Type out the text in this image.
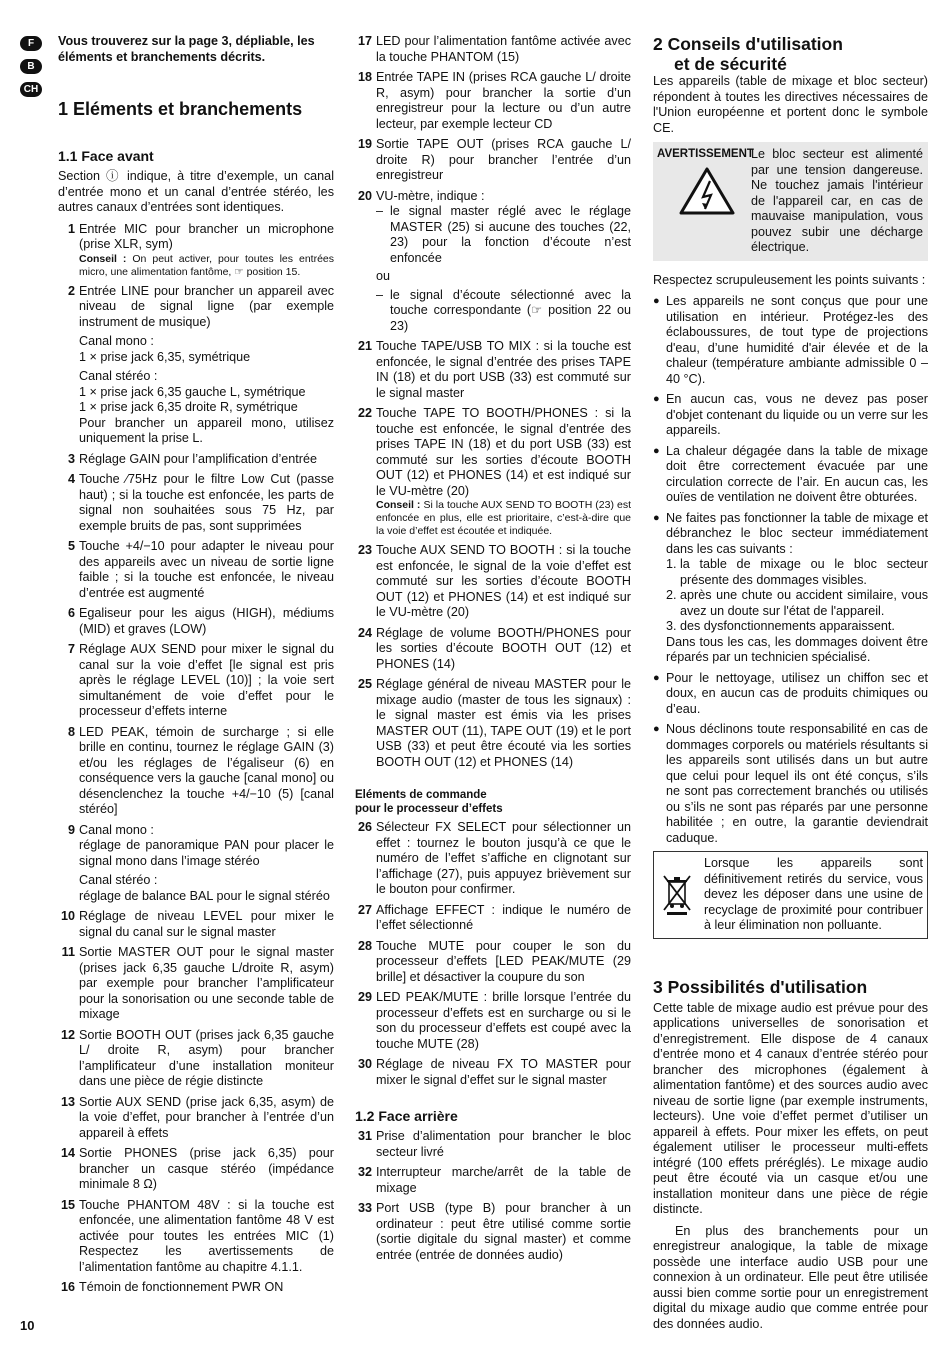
F
B
CH

Vous trouverez sur la page 3, dépliable, les éléments et branchements décrits.

1 Eléments et branchements
1.1 Face avant

Section ⓘ indique, à titre d’exemple, un canal d’entrée mono et un canal d’entrée stéréo, les autres canaux d’entrées sont identiques.

1 Entrée MIC pour brancher un microphone (prise XLR, sym)
Conseil : On peut activer, pour toutes les entrées micro, une alimentation fantôme, ☞ position 15.
2 Entrée LINE pour brancher un appareil avec niveau de signal ligne (par exemple instrument de musique)
Canal mono :
1 × prise jack 6,35, symétrique
Canal stéréo :
1 × prise jack 6,35 gauche L, symétrique
1 × prise jack 6,35 droite R, symétrique
Pour brancher un appareil mono, utilisez uniquement la prise L.
3 Réglage GAIN pour l’amplification d’entrée
4 Touche ⁄75Hz pour le filtre Low Cut (passe haut) ; si la touche est enfoncée, les parts de signal non souhaitées sous 75 Hz, par exemple bruits de pas, sont supprimées
5 Touche +4/−10 pour adapter le niveau pour des appareils avec un niveau de sortie ligne faible ; si la touche est enfoncée, le niveau d’entrée est augmenté
6 Egaliseur pour les aigus (HIGH), médiums (MID) et graves (LOW)
7 Réglage AUX SEND pour mixer le signal du canal sur la voie d’effet [le signal est pris après le réglage LEVEL (10)] ; la voie sert simultanément de voie d’effet pour le processeur d’effets interne
8 LED PEAK, témoin de surcharge ; si elle brille en continu, tournez le réglage GAIN (3) et/ou les réglages de l’égaliseur (6) en conséquence vers la gauche [canal mono] ou désenclenchez la touche +4/−10 (5) [canal stéréo]
9 Canal mono :
réglage de panoramique PAN pour placer le signal mono dans l’image stéréo
Canal stéréo :
réglage de balance BAL pour le signal stéréo
10 Réglage de niveau LEVEL pour mixer le signal du canal sur le signal master
11 Sortie MASTER OUT pour le signal master (prises jack 6,35 gauche L/droite R, asym) par exemple pour brancher l’amplificateur pour la sonorisation ou une seconde table de mixage
12 Sortie BOOTH OUT (prises jack 6,35 gauche L/ droite R, asym) pour brancher l’amplificateur d’une installation moniteur dans une pièce de régie distincte
13 Sortie AUX SEND (prise jack 6,35, asym) de la voie d’effet, pour brancher à l’entrée d’un appareil à effets
14 Sortie PHONES (prise jack 6,35) pour brancher un casque stéréo (impédance minimale 8 Ω)
15 Touche PHANTOM 48V : si la touche est enfoncée, une alimentation fantôme 48 V est activée pour toutes les entrées MIC (1) Respectez les avertissements de l’alimentation fantôme au chapitre 4.1.1.
16 Témoin de fonctionnement PWR ON
17 LED pour l’alimentation fantôme activée avec la touche PHANTOM (15)
18 Entrée TAPE IN (prises RCA gauche L/ droite R, asym) pour brancher la sortie d’un enregistreur pour la lecture ou d’un autre lecteur, par exemple lecteur CD
19 Sortie TAPE OUT (prises RCA gauche L/ droite R) pour brancher l’entrée d’un enregistreur
20 VU-mètre, indique :
– le signal master réglé avec le réglage MASTER (25) si aucune des touches (22, 23) pour la fonction d’écoute n’est enfoncée
ou
– le signal d’écoute sélectionné avec la touche correspondante (☞ position 22 ou 23)
21 Touche TAPE/USB TO MIX : si la touche est enfoncée, le signal d’entrée des prises TAPE IN (18) et du port USB (33) est commuté sur le signal master
22 Touche TAPE TO BOOTH/PHONES : si la touche est enfoncée, le signal d’entrée des prises TAPE IN (18) et du port USB (33) est commuté sur les sorties d’écoute BOOTH OUT (12) et PHONES (14) et est indiqué sur le VU-mètre (20)
Conseil : Si la touche AUX SEND TO BOOTH (23) est enfoncée en plus, elle est prioritaire, c’est-à-dire que la voie d’effet est écoutée et indiquée.
23 Touche AUX SEND TO BOOTH : si la touche est enfoncée, le signal de la voie d’effet est commuté sur les sorties d’écoute BOOTH OUT (12) et PHONES (14) et est indiqué sur le VU-mètre (20)
24 Réglage de volume BOOTH/PHONES pour les sorties d’écoute BOOTH OUT (12) et PHONES (14)
25 Réglage général de niveau MASTER pour le mixage audio (master de tous les signaux) : le signal master est émis via les prises MASTER OUT (11), TAPE OUT (19) et le port USB (33) et peut être écouté via les sorties BOOTH OUT (12) et PHONES (14)
Eléments de commande
pour le processeur d’effets
26 Sélecteur FX SELECT pour sélectionner un effet : tournez le bouton jusqu’à ce que le numéro de l’effet s’affiche en clignotant sur l’affichage (27), puis appuyez brièvement sur le bouton pour confirmer.
27 Affichage EFFECT : indique le numéro de l’effet sélectionné
28 Touche MUTE pour couper le son du processeur d’effets [LED PEAK/MUTE (29 brille] et désactiver la coupure du son
29 LED PEAK/MUTE : brille lorsque l’entrée du processeur d’effets est en surcharge ou si le son du processeur d’effets est coupé avec la touche MUTE (28)
30 Réglage de niveau FX TO MASTER pour mixer le signal d’effet sur le signal master
1.2 Face arrière
31 Prise d’alimentation pour brancher le bloc secteur livré
32 Interrupteur marche/arrêt de la table de mixage
33 Port USB (type B) pour brancher à un ordinateur : peut être utilisé comme sortie (sortie digitale du signal master) et comme entrée (entrée de données audio)
2 Conseils d'utilisation
et de sécurité

Les appareils (table de mixage et bloc secteur) répondent à toutes les directives nécessaires de l'Union européenne et portent donc le symbole CE.

AVERTISSEMENT
Le bloc secteur est alimenté par une tension dangereuse. Ne touchez jamais l'intérieur de l'appareil car, en cas de mauvaise manipulation, vous pouvez subir une décharge électrique.

Respectez scrupuleusement les points suivants :

● Les appareils ne sont conçus que pour une utilisation en intérieur. Protégez-les des éclaboussures, de tout type de projections d'eau, d’une humidité d'air élevée et de la chaleur (température ambiante admissible 0 – 40 °C).
● En aucun cas, vous ne devez pas poser d'objet contenant du liquide ou un verre sur les appareils.
● La chaleur dégagée dans la table de mixage doit être correctement évacuée par une circulation correcte de l’air. En aucun cas, les ouïes de ventilation ne doivent être obturées.
● Ne faites pas fonctionner la table de mixage et débranchez le bloc secteur immédiatement dans les cas suivants :
1. la table de mixage ou le bloc secteur présente des dommages visibles.
2. après une chute ou accident similaire, vous avez un doute sur l'état de l'appareil.
3. des dysfonctionnements apparaissent.
Dans tous les cas, les dommages doivent être réparés par un technicien spécialisé.
● Pour le nettoyage, utilisez un chiffon sec et doux, en aucun cas de produits chimiques ou d’eau.
● Nous déclinons toute responsabilité en cas de dommages corporels ou matériels résultants si les appareils sont utilisés dans un but autre que celui pour lequel ils ont été conçus, s’ils ne sont pas correctement branchés ou utilisés ou s’ils ne sont pas réparés par une personne habilitée ; en outre, la garantie deviendrait caduque.
Lorsque les appareils sont définitivement retirés du service, vous devez les déposer dans une usine de recyclage de proximité pour contribuer à leur élimination non polluante.
3 Possibilités d'utilisation

Cette table de mixage audio est prévue pour des applications universelles de sonorisation et d’enregistrement. Elle dispose de 4 canaux d’entrée mono et 4 canaux d’entrée stéréo pour brancher des microphones (également à alimentation fantôme) et des sources audio avec niveau de sortie ligne (par exemple instruments, lecteurs). Une voie d’effet permet d’utiliser un appareil à effets. Pour mixer les effets, on peut également utiliser le processeur multi-effets intégré (100 effets préréglés). Le mixage audio peut être écouté via un casque et/ou une installation moniteur dans une pièce de régie distincte.

En plus des branchements pour un enregistreur analogique, la table de mixage possède une interface audio USB pour une connexion à un ordinateur. Elle peut être utilisée aussi bien comme sortie pour un enregistrement digital du mixage audio que comme entrée pour des données audio.

10
